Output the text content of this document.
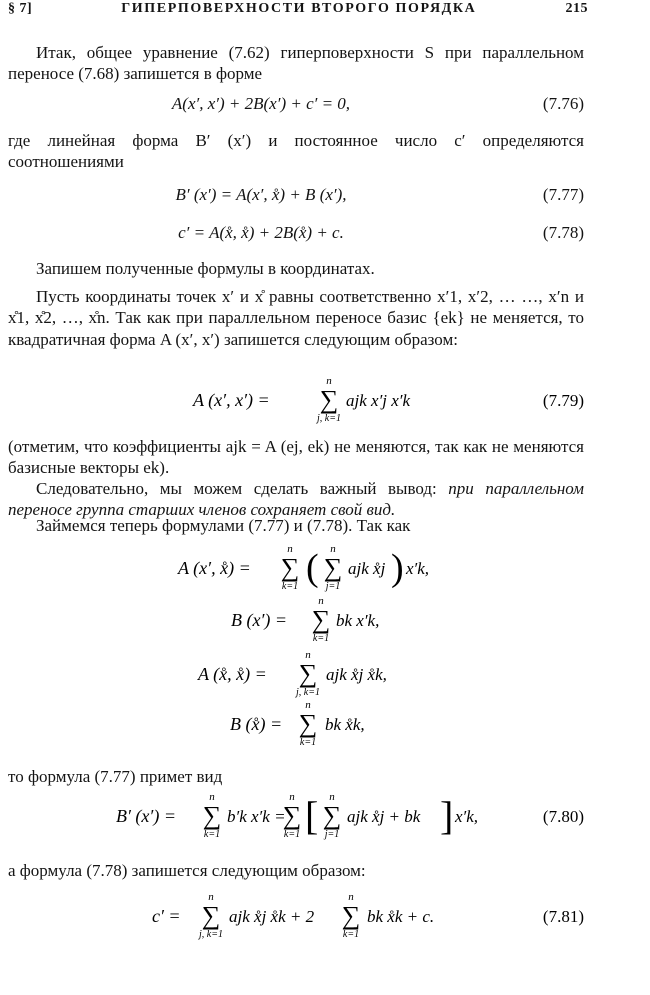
§ 7]	ГИПЕРПОВЕРХНОСТИ ВТОРОГО ПОРЯДКА	215
Итак, общее уравнение (7.62) гиперповерхности S при параллельном переносе (7.68) запишется в форме
A(x′, x′) + 2B(x′) + c′ = 0,	(7.76)
где линейная форма B′ (x′) и постоянное число c′ определяются соотношениями
B′ (x′) = A(x′, x̊) + B (x′),	(7.77)
c′ = A(x̊, x̊) + 2B(x̊) + c.	(7.78)
Запишем полученные формулы в координатах.
Пусть координаты точек x′ и x̊ равны соответственно x′1, x′2, … …, x′n и x̊1, x̊2, …, x̊n. Так как при параллельном переносе базис {ek} не меняется, то квадратичная форма A (x′, x′) запишется следующим образом:
A (x′, x′) =
n
∑
j, k=1
ajk x′j x′k	(7.79)
(отметим, что коэффициенты ajk = A (ej, ek) не меняются, так как не меняются базисные векторы ek).
Следовательно, мы можем сделать важный вывод: при параллельном переносе группа старших членов сохраняет свой вид.
Займемся теперь формулами (7.77) и (7.78). Так как
A (x′, x̊) =
n
∑
k=1 ( n
∑
j=1
ajk x̊j ) x′k,
B (x′) =
n
∑
k=1
bk x′k,
A (x̊, x̊) =
n
∑
j, k=1
ajk x̊j x̊k,
B (x̊) =
n
∑
k=1
bk x̊k,
то формула (7.77) примет вид
B′ (x′) =
n
∑
k=1
b′k x′k =
n
∑
k=1 [ n
∑
j=1
ajk x̊j + bk ] x′k,	(7.80)
а формула (7.78) запишется следующим образом:
c′ =
n
∑
j, k=1
ajk x̊j x̊k + 2
n
∑
k=1
bk x̊k + c.	(7.81)
